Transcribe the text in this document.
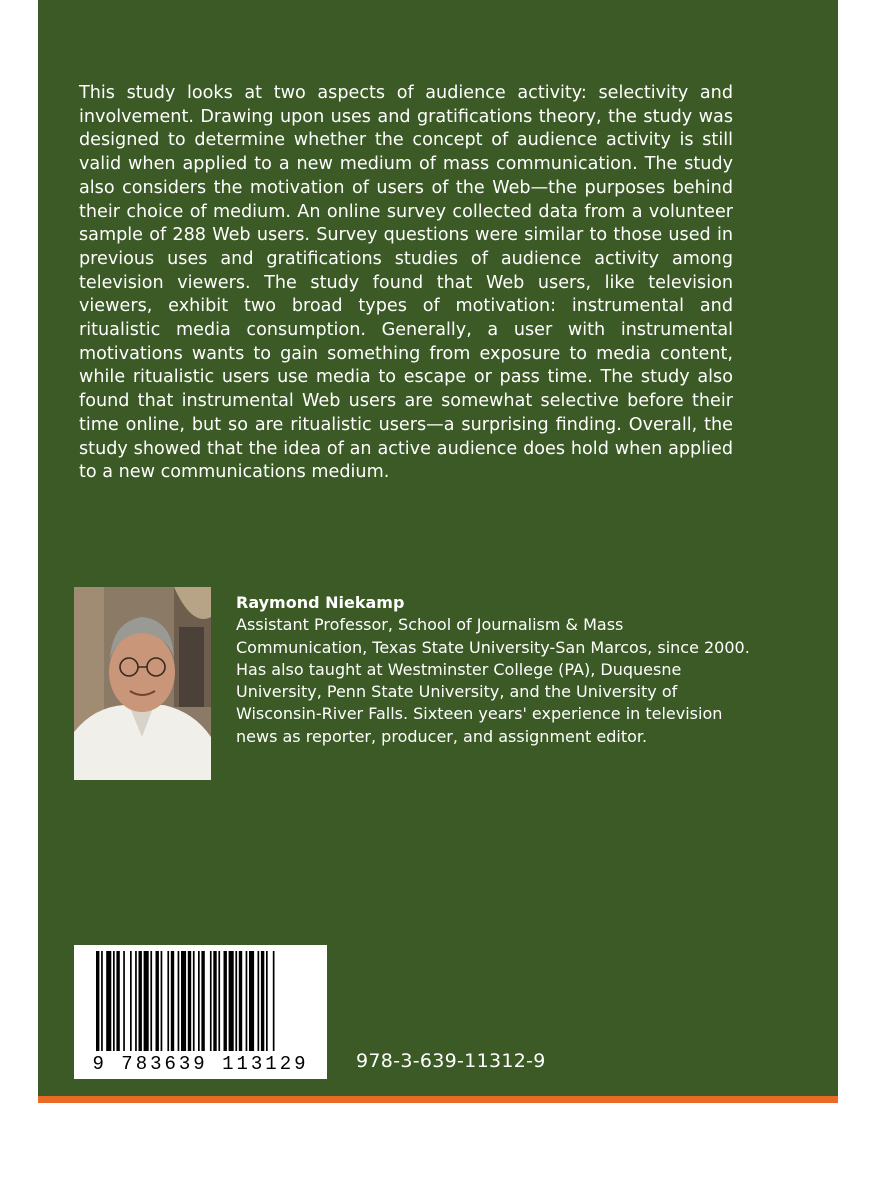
This study looks at two aspects of audience activity: selectivity and involvement. Drawing upon uses and gratifications theory, the study was designed to determine whether the concept of audience activity is still valid when applied to a new medium of mass communication. The study also considers the motivation of users of the Web—the purposes behind their choice of medium. An online survey collected data from a volunteer sample of 288 Web users. Survey questions were similar to those used in previous uses and gratifications studies of audience activity among television viewers. The study found that Web users, like television viewers, exhibit two broad types of motivation: instrumental and ritualistic media consumption. Generally, a user with instrumental motivations wants to gain something from exposure to media content, while ritualistic users use media to escape or pass time. The study also found that instrumental Web users are somewhat selective before their time online, but so are ritualistic users—a surprising finding. Overall, the study showed that the idea of an active audience does hold when applied to a new communications medium.

Raymond Niekamp
Assistant Professor, School of Journalism & Mass Communication, Texas State University-San Marcos, since 2000. Has also taught at Westminster College (PA), Duquesne University, Penn State University, and the University of Wisconsin-River Falls. Sixteen years' experience in television news as reporter, producer, and assignment editor.
9 783639 113129	978-3-639-11312-9
